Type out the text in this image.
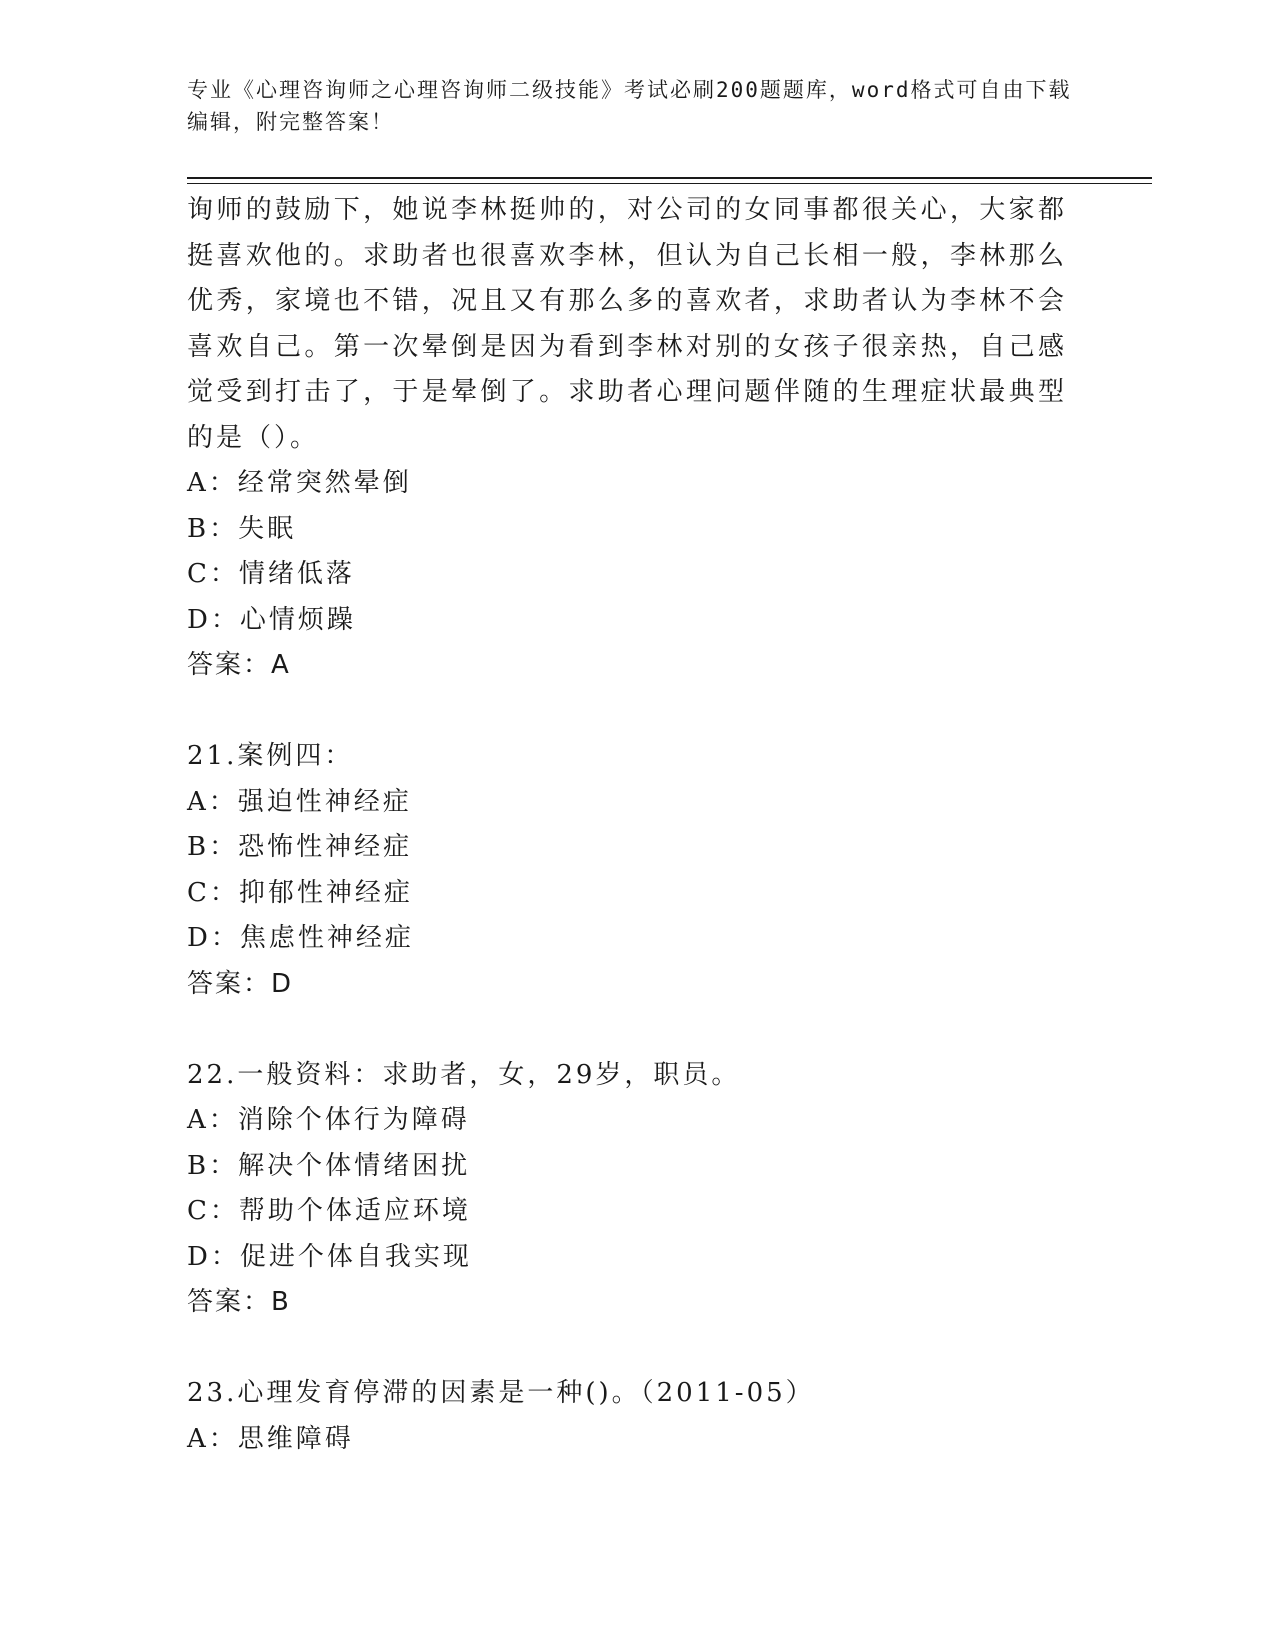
专业《心理咨询师之心理咨询师二级技能》考试必刷200题题库，word格式可自由下载编辑，附完整答案！

询师的鼓励下，她说李林挺帅的，对公司的女同事都很关心，大家都挺喜欢他的。求助者也很喜欢李林，但认为自己长相一般，李林那么优秀，家境也不错，况且又有那么多的喜欢者，求助者认为李林不会喜欢自己。第一次晕倒是因为看到李林对别的女孩子很亲热，自己感觉受到打击了，于是晕倒了。求助者心理问题伴随的生理症状最典型的是（）。

A：经常突然晕倒
B：失眠
C：情绪低落
D：心情烦躁
答案：A
21.案例四：
A：强迫性神经症
B：恐怖性神经症
C：抑郁性神经症
D：焦虑性神经症
答案：D
22.一般资料：求助者，女，29岁，职员。
A：消除个体行为障碍
B：解决个体情绪困扰
C：帮助个体适应环境
D：促进个体自我实现
答案：B
23.心理发育停滞的因素是一种()。（2011-05）
A：思维障碍
